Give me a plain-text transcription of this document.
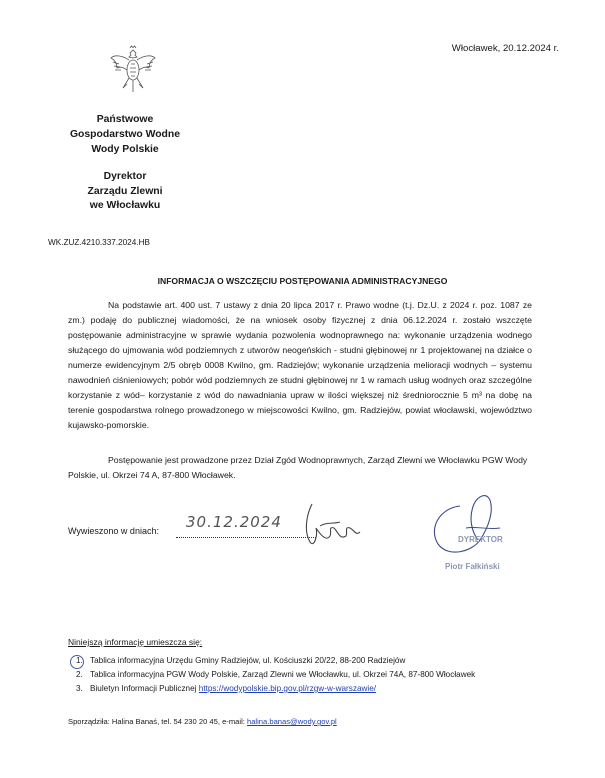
Włocławek, 20.12.2024 r.
Państwowe
Gospodarstwo Wodne
Wody Polskie
Dyrektor
Zarządu Zlewni
we Włocławku
WK.ZUZ.4210.337.2024.HB
INFORMACJA O WSZCZĘCIU POSTĘPOWANIA ADMINISTRACYJNEGO

Na podstawie art. 400 ust. 7 ustawy z dnia 20 lipca 2017 r. Prawo wodne (t.j. Dz.U. z 2024 r. poz. 1087 ze zm.) podaję do publicznej wiadomości, że na wniosek osoby fizycznej z dnia 06.12.2024 r. zostało wszczęte postępowanie administracyjne w sprawie wydania pozwolenia wodnoprawnego na: wykonanie urządzenia wodnego służącego do ujmowania wód podziemnych z utworów neogeńskich - studni głębinowej nr 1 projektowanej na działce o numerze ewidencyjnym 2/5 obręb 0008 Kwilno, gm. Radziejów; wykonanie urządzenia melioracji wodnych – systemu nawodnień ciśnieniowych; pobór wód podziemnych ze studni głębinowej nr 1 w ramach usług wodnych oraz szczególne korzystanie z wód– korzystanie z wód do nawadniania upraw w ilości większej niż średniorocznie 5 m³ na dobę na terenie gospodarstwa rolnego prowadzonego w miejscowości Kwilno, gm. Radziejów, powiat włocławski, województwo kujawsko-pomorskie.

Postępowanie jest prowadzone przez Dział Zgód Wodnoprawnych, Zarząd Zlewni we Włocławku PGW Wody Polskie, ul. Okrzei 74 A, 87-800 Włocławek.

Wywieszono w dniach: 30.12.2024
DYREKTOR
Piotr Fałkiński
Niniejszą informację umieszcza się:
1. Tablica informacyjna Urzędu Gminy Radziejów, ul. Kościuszki 20/22, 88-200 Radziejów
2. Tablica informacyjna PGW Wody Polskie, Zarząd Zlewni we Włocławku, ul. Okrzei 74A, 87-800 Włocławek
3. Biuletyn Informacji Publicznej https://wodypolskie.bip.gov.pl/rzgw-w-warszawie/
Sporządziła: Halina Banaś, tel. 54 230 20 45, e-mail: halina.banas@wody.gov.pl
